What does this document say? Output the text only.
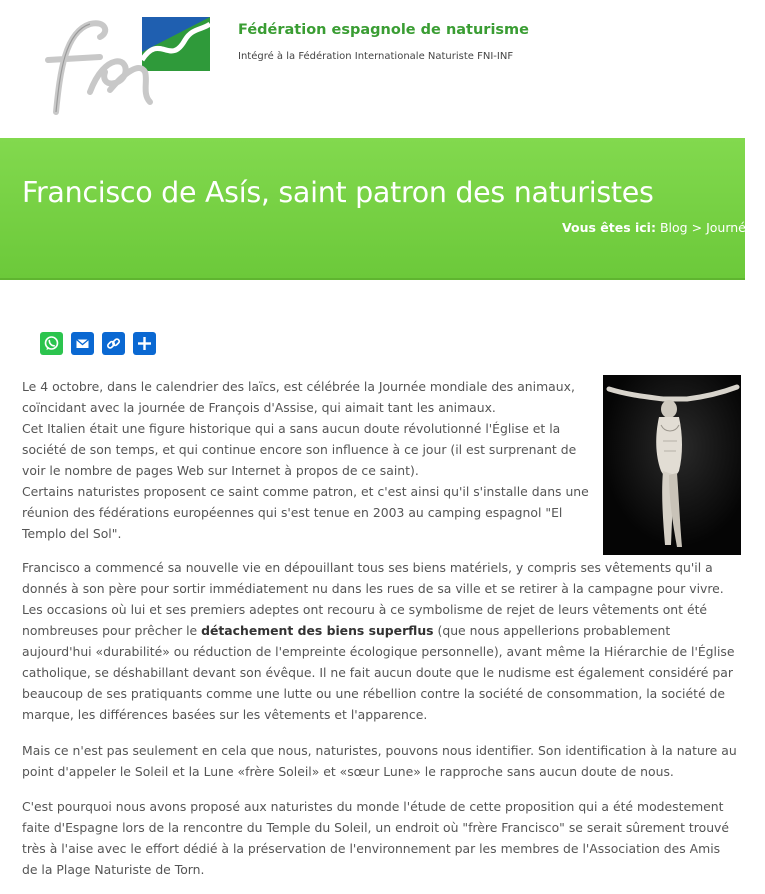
Fédération espagnole de naturisme
Intégré à la Fédération Internationale Naturiste FNI-INF
Francisco de Asís, saint patron des naturistes
Vous êtes ici: Blog > Journée d

Le 4 octobre, dans le calendrier des laïcs, est célébrée la Journée mondiale des animaux, coïncidant avec la journée de François d'Assise, qui aimait tant les animaux.

Cet Italien était une figure historique qui a sans aucun doute révolutionné l'Église et la société de son temps, et qui continue encore son influence à ce jour (il est surprenant de voir le nombre de pages Web sur Internet à propos de ce saint).

Certains naturistes proposent ce saint comme patron, et c'est ainsi qu'il s'installe dans une réunion des fédérations européennes qui s'est tenue en 2003 au camping espagnol "El Templo del Sol".

Francisco a commencé sa nouvelle vie en dépouillant tous ses biens matériels, y compris ses vêtements qu'il a donnés à son père pour sortir immédiatement nu dans les rues de sa ville et se retirer à la campagne pour vivre. Les occasions où lui et ses premiers adeptes ont recouru à ce symbolisme de rejet de leurs vêtements ont été nombreuses pour prêcher le détachement des biens superflus (que nous appellerions probablement aujourd'hui «durabilité» ou réduction de l'empreinte écologique personnelle), avant même la Hiérarchie de l'Église catholique, se déshabillant devant son évêque. Il ne fait aucun doute que le nudisme est également considéré par beaucoup de ses pratiquants comme une lutte ou une rébellion contre la société de consommation, la société de marque, les différences basées sur les vêtements et l'apparence.

Mais ce n'est pas seulement en cela que nous, naturistes, pouvons nous identifier. Son identification à la nature au point d'appeler le Soleil et la Lune «frère Soleil» et «sœur Lune» le rapproche sans aucun doute de nous.

C'est pourquoi nous avons proposé aux naturistes du monde l'étude de cette proposition qui a été modestement faite d'Espagne lors de la rencontre du Temple du Soleil, un endroit où "frère Francisco" se serait sûrement trouvé très à l'aise avec le effort dédié à la préservation de l'environnement par les membres de l'Association des Amis de la Plage Naturiste de Torn.
